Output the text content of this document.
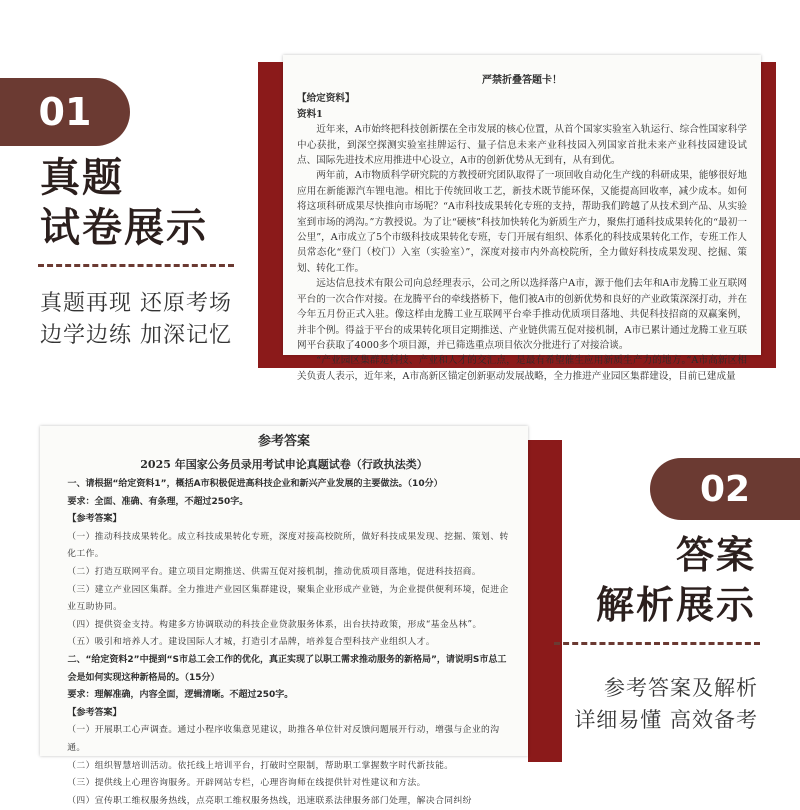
01
真题
试卷展示
真题再现 还原考场
边学边练 加深记忆
严禁折叠答题卡！
【给定资料】
资料1

近年来，A市始终把科技创新摆在全市发展的核心位置，从首个国家实验室入轨运行、综合性国家科学中心获批，到深空探测实验室挂牌运行、量子信息未来产业科技园入列国家首批未来产业科技园建设试点、国际先进技术应用推进中心设立，A市的创新优势从无到有，从有到优。

两年前，A市物质科学研究院的方教授研究团队取得了一项回收自动化生产线的科研成果，能够很好地应用在新能源汽车锂电池。相比于传统回收工艺，新技术既节能环保，又能提高回收率，减少成本。如何将这项科研成果尽快推向市场呢？“A市科技成果转化专班的支持，帮助我们跨越了从技术到产品、从实验室到市场的鸿沟。”方教授说。为了让“硬核”科技加快转化为新质生产力，聚焦打通科技成果转化的“最初一公里”，A市成立了5个市级科技成果转化专班，专门开展有组织、体系化的科技成果转化工作，专班工作人员常态化“登门（校门）入室（实验室）”，深度对接市内外高校院所，全力做好科技成果发现、挖掘、策划、转化工作。

远达信息技术有限公司向总经理表示，公司之所以选择落户A市，源于他们去年和A市龙腾工业互联网平台的一次合作对接。在龙腾平台的牵线搭桥下，他们被A市的创新优势和良好的产业政策深深打动，并在今年五月份正式入驻。像这样由龙腾工业互联网平台牵手推动优质项目落地、共促科技招商的双赢案例，并非个例。得益于平台的成果转化项目定期推送、产业链供需互促对接机制，A市已累计通过龙腾工业互联网平台获取了4000多个项目源，并已筛选重点项目依次分批进行了对接洽谈。

“产业园区集群是科技、产业和人才的交汇点，是最有希望催生应用新质生产力的地方。”A市高新区相关负责人表示，近年来，A市高新区锚定创新驱动发展战略，全力推进产业园区集群建设，目前已建成量

参考答案
2025 年国家公务员录用考试申论真题试卷（行政执法类）
一、请根据“给定资料1”，概括A市积极促进高科技企业和新兴产业发展的主要做法。（10分）
要求：全面、准确、有条理，不超过250字。
【参考答案】
（一）推动科技成果转化。成立科技成果转化专班，深度对接高校院所，做好科技成果发现、挖掘、策划、转化工作。
（二）打造互联网平台。建立项目定期推送、供需互促对接机制，推动优质项目落地，促进科技招商。
（三）建立产业园区集群。全力推进产业园区集群建设，聚集企业形成产业链，为企业提供便利环境，促进企业互助协同。
（四）提供资金支持。构建多方协调联动的科技企业贷款服务体系，出台扶持政策，形成“基金丛林”。
（五）吸引和培养人才。建设国际人才城，打造引才品牌，培养复合型科技产业组织人才。
二、“给定资料2”中提到“S市总工会工作的优化，真正实现了以职工需求推动服务的新格局”，请说明S市总工会是如何实现这种新格局的。（15分）
要求：理解准确，内容全面，逻辑清晰。不超过250字。
【参考答案】
（一）开展职工心声调查。通过小程序收集意见建议，助推各单位针对反馈问题展开行动，增强与企业的沟通。
（二）组织智慧培训活动。依托线上培训平台，打破时空限制，帮助职工掌握数字时代新技能。
（三）提供线上心理咨询服务。开辟网站专栏，心理咨询师在线提供针对性建议和方法。
（四）宣传职工维权服务热线，点亮职工维权服务热线，迅速联系法律服务部门处理，解决合同纠纷
02
答案
解析展示
参考答案及解析
详细易懂 高效备考
